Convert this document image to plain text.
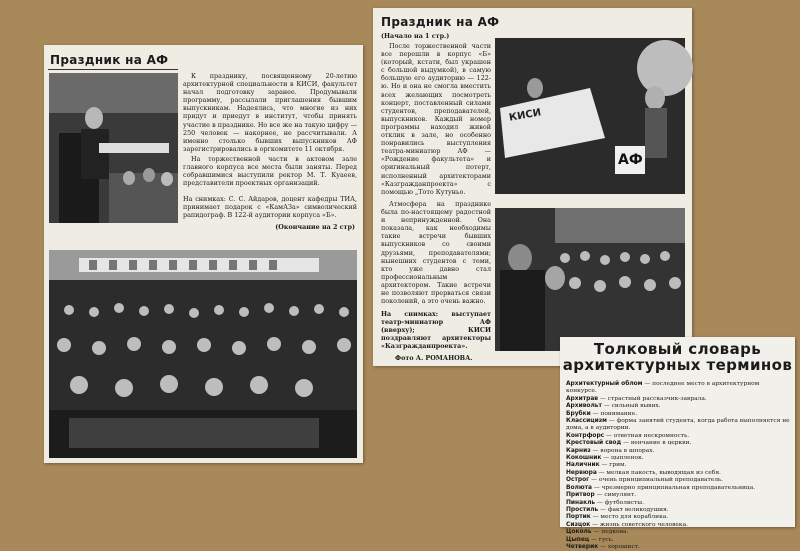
Праздник на АФ

К празднику, посвященному 20-летию архитектурной специальности в КИСИ, факультет начал подготовку заранее. Продумывали программу, рассылали приглашения бывшим выпускникам. Надеялись, что многие из них придут и приедут в институт, чтобы принять участие в празднике. Но все же на такую цифру — 250 человек — накорнее, не рассчитывали. А именно столько бывших выпускников АФ зарегистрировались в оргкомитете 11 октября.

На торжественной части в актовом зале главного корпуса все места были заняты. Перед собравшимися выступили ректор М. Т. Куаеев, представители проектных организаций.

На снимках: С. С. Айдаров, доцент кафедры ТИА, принимает подарок с «КамАЗа» символический рапидограф. В 122-й аудитории корпуса «Б».

(Окончание на 2 стр)
Праздник на АФ
(Начало на 1 стр.)

После торжественной части все перешли в корпус «Б» (который, кстати, был украшен с большой выдумкой), в самую большую его аудиторию — 122-ю. Но и она не смогла вместить всех желающих посмотреть концерт, поставленный силами студентов, преподавателей, выпускников. Каждый номер программы находил живой отклик в зале, но особенно понравились выступления театра-миниатюр АФ — «Рождение факультета» и оригинальный потерт, исполненный архитекторами «Казгражданпроекта» с помощью „Тото Кутуньо.

КИСИ
АФ

Атмосфера на празднике была по-настоящему радостной и непринужденной. Она показала, как необходимы такие встречи бывших выпускников со своими друзьями, преподавателями; нынешних студентов с теми, кто уже давно стал профессиональным архитектором. Такие встречи не позволяют прерваться связи поколений, а это очень важно.

На снимках: выступает театр-миниатюр АФ (вверху); КИСИ поздравляют архитекторы «Казгражданпроекта».

Фото А. РОМАНОВА.	Толковый словарь
архитектурных терминов
Архитектурный облом — последнее место в архитектурном конкурсе.
Архитрав — страстный рассказчик-заврала.
Архивольт — сильный вывих.
Брубки — понимание.
Классицизм — форма занятий студента, когда работа выполняется не дома, а в аудитории.
Контрфорс — ответная нескромность.
Крестовый свод — венчание в церкви.
Карниз — ворона в шпорах.
Кокошник — цыпленок.
Наличник — грим.
Нервюра — мелкая пакость, выводящая из себя.
Острог — очень принципиальный преподаватель.
Волюта — чрезмерно принципиальная преподавательница.
Притвор — симулянт.
Пинакль — футболисты.
Простиль — факт великодушия.
Портик — место для кораблика.
Сизцок — жизнь советского человека.
Цоколь — подкова.
Цыпец — гусь.
Четверик — хорошист.
